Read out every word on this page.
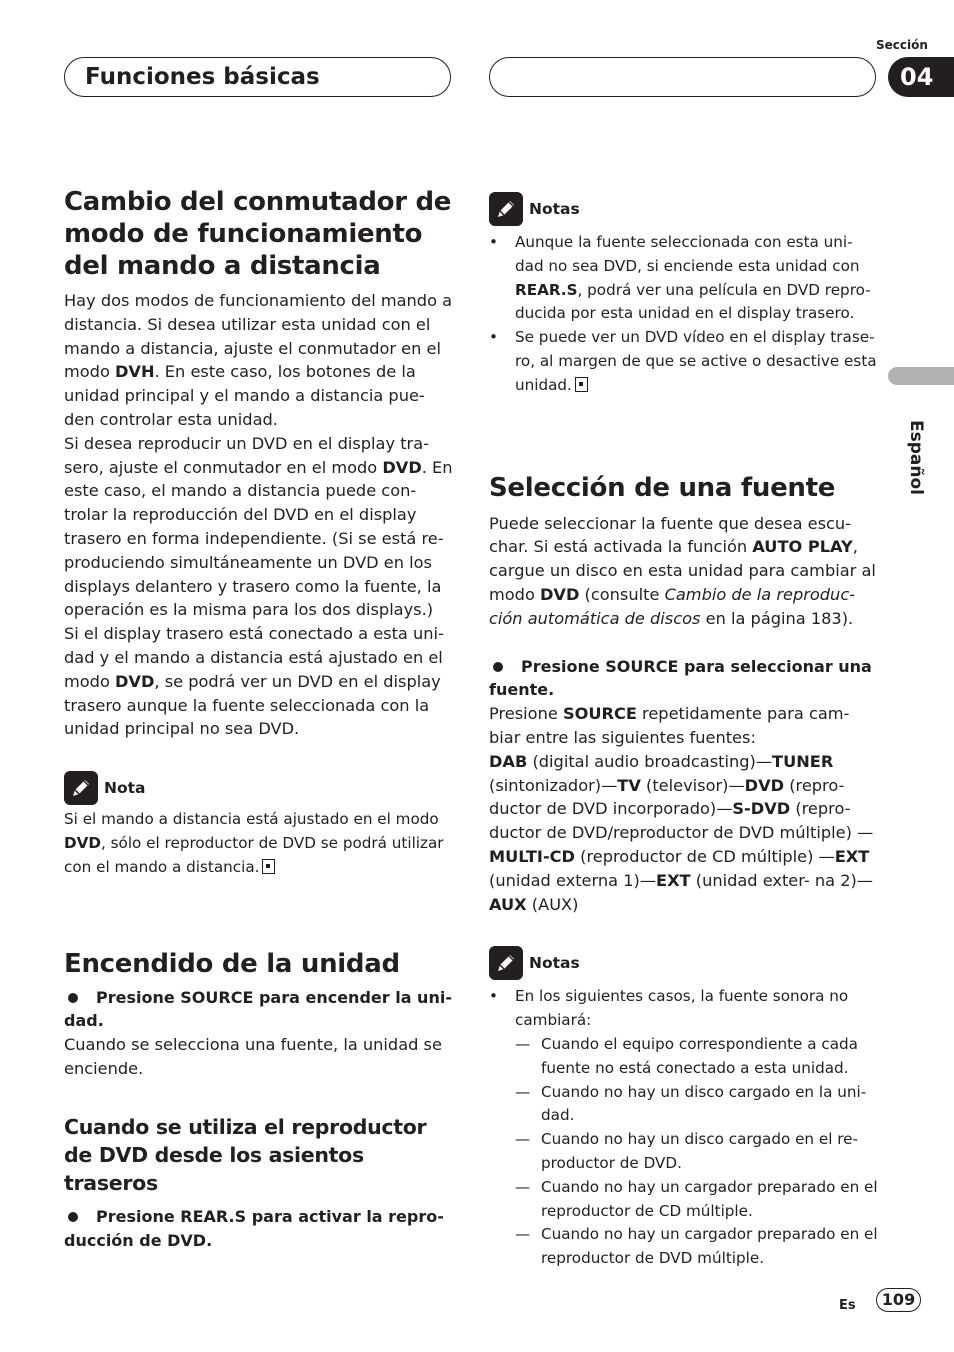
Funciones básicas
Sección
04
Español
Cambio del conmutador de modo de funcionamiento del mando a distancia

Hay dos modos de funcionamiento del mando a distancia. Si desea utilizar esta unidad con el mando a distancia, ajuste el conmutador en el modo DVH. En este caso, los botones de la unidad principal y el mando a distancia pue- den controlar esta unidad.

Si desea reproducir un DVD en el display tra- sero, ajuste el conmutador en el modo DVD. En este caso, el mando a distancia puede con- trolar la reproducción del DVD en el display trasero en forma independiente. (Si se está re- produciendo simultáneamente un DVD en los displays delantero y trasero como la fuente, la operación es la misma para los dos displays.)

Si el display trasero está conectado a esta uni- dad y el mando a distancia está ajustado en el modo DVD, se podrá ver un DVD en el display trasero aunque la fuente seleccionada con la unidad principal no sea DVD.

Nota

Si el mando a distancia está ajustado en el modo DVD, sólo el reproductor de DVD se podrá utilizar con el mando a distancia.

Encendido de la unidad
Presione SOURCE para encender la uni- dad.

Cuando se selecciona una fuente, la unidad se enciende.

Cuando se utiliza el reproductor de DVD desde los asientos traseros
Presione REAR.S para activar la repro- ducción de DVD.
Notas

• Aunque la fuente seleccionada con esta uni- dad no sea DVD, si enciende esta unidad con REAR.S, podrá ver una película en DVD repro- ducida por esta unidad en el display trasero.

• Se puede ver un DVD vídeo en el display trase- ro, al margen de que se active o desactive esta unidad.

Selección de una fuente

Puede seleccionar la fuente que desea escu- char. Si está activada la función AUTO PLAY, cargue un disco en esta unidad para cambiar al modo DVD (consulte Cambio de la reproduc- ción automática de discos en la página 183).

Presione SOURCE para seleccionar una fuente.

Presione SOURCE repetidamente para cam- biar entre las siguientes fuentes:
DAB (digital audio broadcasting)—TUNER (sintonizador)—TV (televisor)—DVD (repro- ductor de DVD incorporado)—S-DVD (repro- ductor de DVD/reproductor de DVD múltiple) —MULTI-CD (reproductor de CD múltiple) —EXT (unidad externa 1)—EXT (unidad exter- na 2)—AUX (AUX)

Notas

• En los siguientes casos, la fuente sonora no cambiará:

— Cuando el equipo correspondiente a cada fuente no está conectado a esta unidad.

— Cuando no hay un disco cargado en la uni- dad.

— Cuando no hay un disco cargado en el re- productor de DVD.

— Cuando no hay un cargador preparado en el reproductor de CD múltiple.

— Cuando no hay un cargador preparado en el reproductor de DVD múltiple.

Es	109
